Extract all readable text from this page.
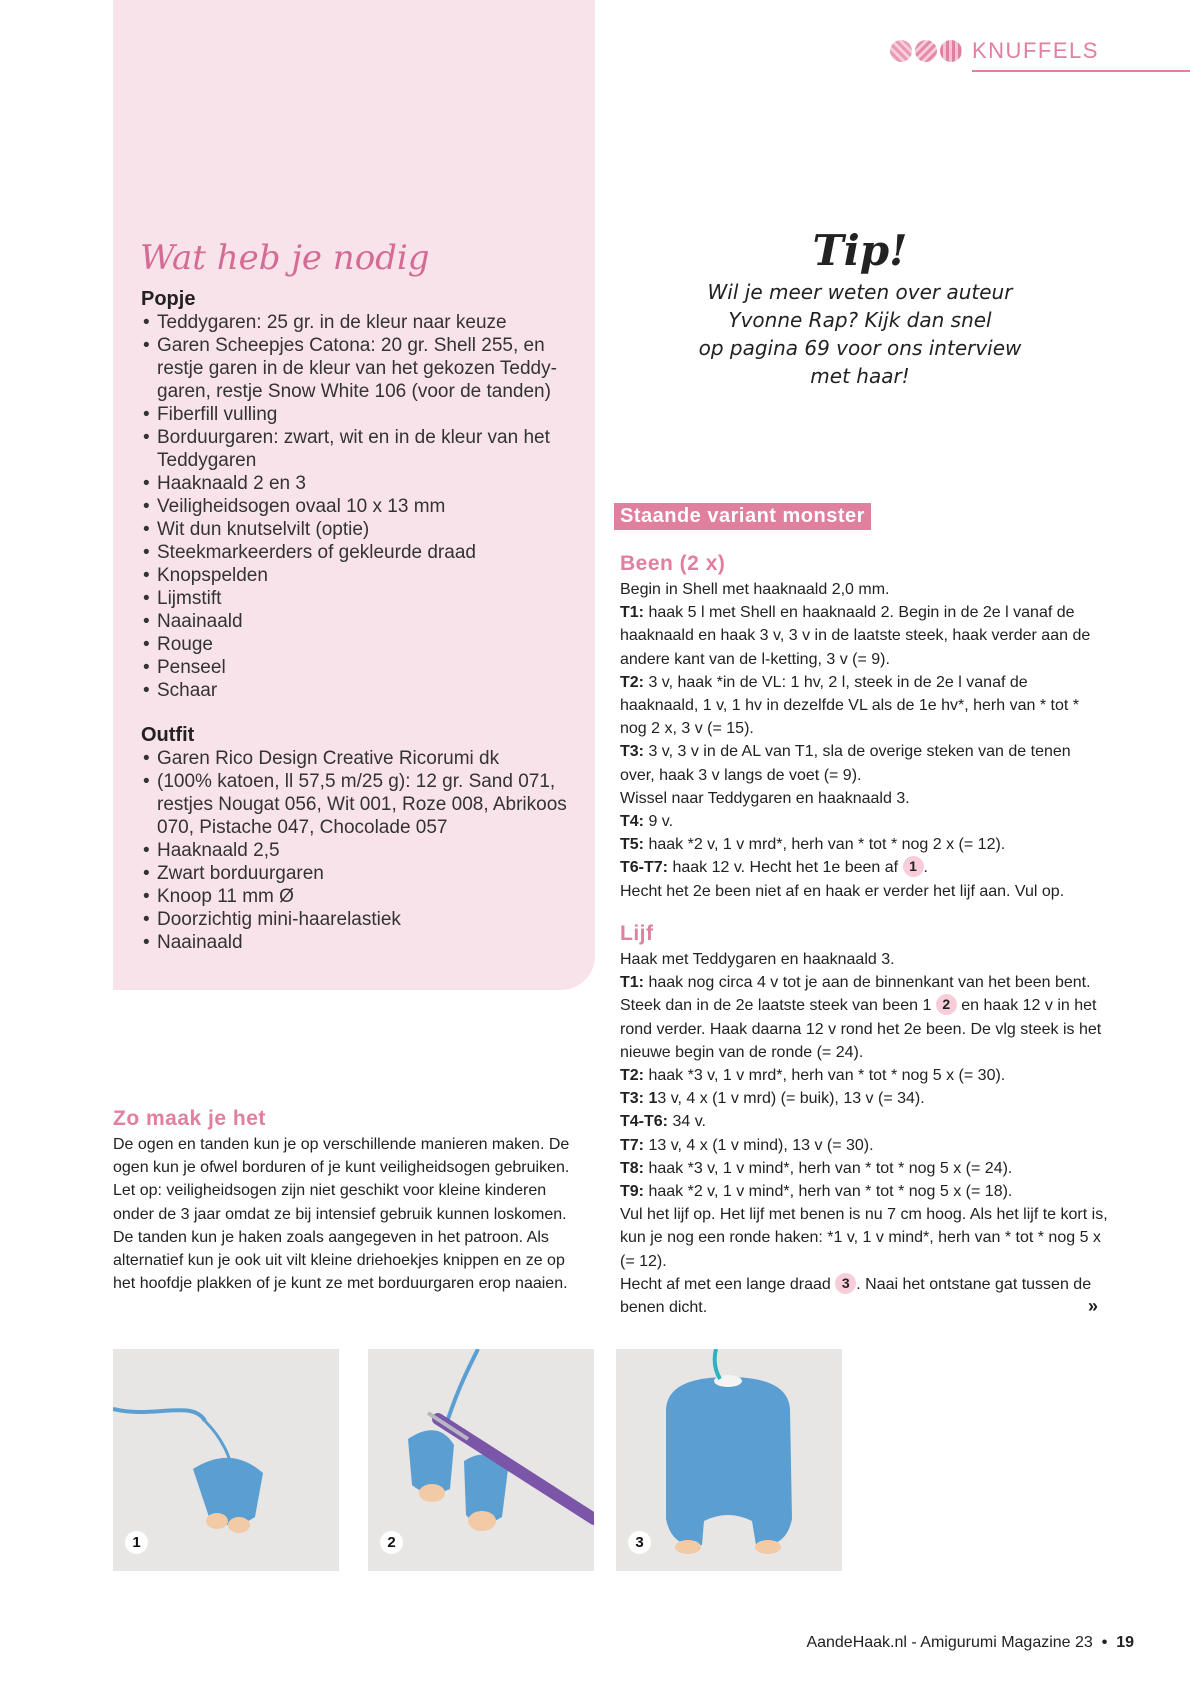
KNUFFELS
Wat heb je nodig
Popje
• Teddygaren: 25 gr. in de kleur naar keuze
• Garen Scheepjes Catona: 20 gr. Shell 255, en restje garen in de kleur van het gekozen Teddy-garen, restje Snow White 106 (voor de tanden)
• Fiberfill vulling
• Borduurgaren: zwart, wit en in de kleur van het Teddygaren
• Haaknaald 2 en 3
• Veiligheidsogen ovaal 10 x 13 mm
• Wit dun knutselvilt (optie)
• Steekmarkeerders of gekleurde draad
• Knopspelden
• Lijmstift
• Naainaald
• Rouge
• Penseel
• Schaar
Outfit
• Garen Rico Design Creative Ricorumi dk
• (100% katoen, ll 57,5 m/25 g): 12 gr. Sand 071, restjes Nougat 056, Wit 001, Roze 008, Abrikoos 070, Pistache 047, Chocolade 057
• Haaknaald 2,5
• Zwart borduurgaren
• Knoop 11 mm Ø
• Doorzichtig mini-haarelastiek
• Naainaald
Tip!
Wil je meer weten over auteur
Yvonne Rap? Kijk dan snel
op pagina 69 voor ons interview
met haar!
Zo maak je het

De ogen en tanden kun je op verschillende manieren maken. De ogen kun je ofwel borduren of je kunt veiligheidsogen gebruiken. Let op: veiligheidsogen zijn niet geschikt voor kleine kinderen onder de 3 jaar omdat ze bij intensief gebruik kunnen loskomen. De tanden kun je haken zoals aangegeven in het patroon. Als alternatief kun je ook uit vilt kleine driehoekjes knippen en ze op het hoofdje plakken of je kunt ze met borduurgaren erop naaien.

Staande variant monster
Been (2 x)

Begin in Shell met haaknaald 2,0 mm.

T1: haak 5 l met Shell en haaknaald 2. Begin in de 2e l vanaf de haaknaald en haak 3 v, 3 v in de laatste steek, haak verder aan de andere kant van de l-ketting, 3 v (= 9).

T2: 3 v, haak *in de VL: 1 hv, 2 l, steek in de 2e l vanaf de haaknaald, 1 v, 1 hv in dezelfde VL als de 1e hv*, herh van * tot * nog 2 x, 3 v (= 15).

T3: 3 v, 3 v in de AL van T1, sla de overige steken van de tenen over, haak 3 v langs de voet (= 9).

Wissel naar Teddygaren en haaknaald 3.

T4: 9 v.

T5: haak *2 v, 1 v mrd*, herh van * tot * nog 2 x (= 12).

T6-T7: haak 12 v. Hecht het 1e been af 1 .

Hecht het 2e been niet af en haak er verder het lijf aan. Vul op.

Lijf

Haak met Teddygaren en haaknaald 3.

T1: haak nog circa 4 v tot je aan de binnenkant van het been bent. Steek dan in de 2e laatste steek van been 1 2 en haak 12 v in het rond verder. Haak daarna 12 v rond het 2e been. De vlg steek is het nieuwe begin van de ronde (= 24).

T2: haak *3 v, 1 v mrd*, herh van * tot * nog 5 x (= 30).

T3: 13 v, 4 x (1 v mrd) (= buik), 13 v (= 34).

T4-T6: 34 v.

T7: 13 v, 4 x (1 v mind), 13 v (= 30).

T8: haak *3 v, 1 v mind*, herh van * tot * nog 5 x (= 24).

T9: haak *2 v, 1 v mind*, herh van * tot * nog 5 x (= 18).

Vul het lijf op. Het lijf met benen is nu 7 cm hoog. Als het lijf te kort is, kun je nog een ronde haken: *1 v, 1 v mind*, herh van * tot * nog 5 x (= 12).

Hecht af met een lange draad 3 . Naai het ontstane gat tussen de benen dicht.	»
1	2	3
AandeHaak.nl - Amigurumi Magazine 23 • 19
